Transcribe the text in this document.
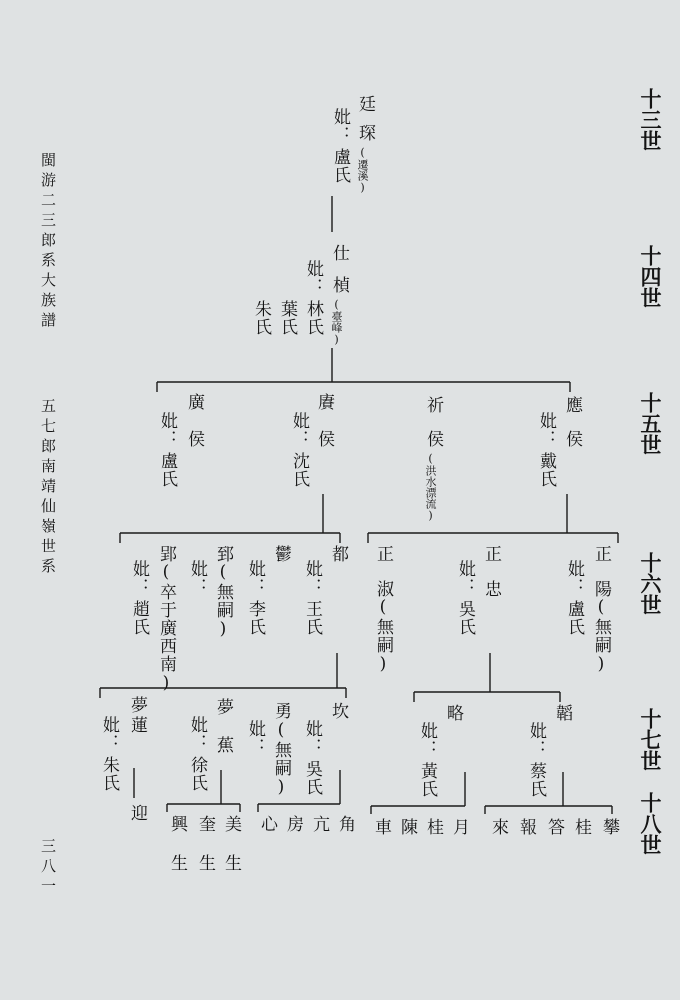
十三世
十四世
十五世
十六世
十七世
十八世
閩游二三郎系大族譜
五七郎南靖仙嶺世系
三八一
廷
琛
(遷溪)
妣：
盧氏
仕
楨
(臺峰)
妣：
林氏
葉氏
朱氏
應
侯
妣：
戴氏
祈
侯
(洪水漂流)
賡
侯
妣：
沈氏
廣
侯
妣：
盧氏
正
陽
(無嗣)
妣：
盧氏
正
忠
妣：
吳氏
正
淑
(無嗣)
都
妣：
王氏
鬱
妣：
李氏
郅
(無嗣)
妣：
郢
(卒于廣西南)
妣：
趙氏
韜
妣：
蔡氏
略
妣：
黃氏
坎
妣：
吳氏
勇
(無嗣)
妣：
夢
蕉
妣：
徐氏
夢
蓮
妣：
朱氏
攀
桂
答
報
來
月
桂
陳
車
角
亢
房
心
美
奎
興
迎
生
生
生
